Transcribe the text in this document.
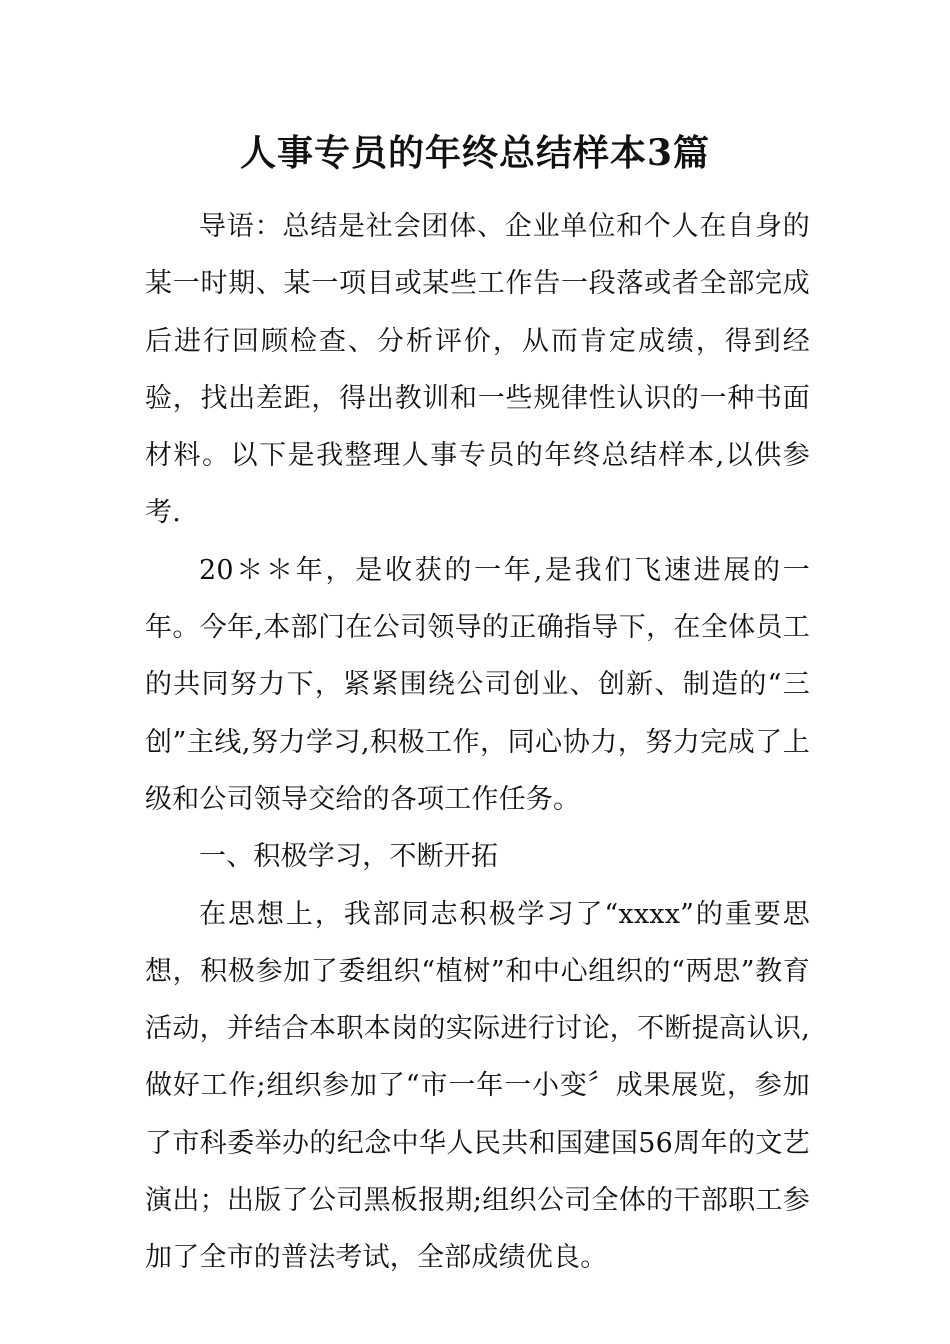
人事专员的年终总结样本3篇

导语：总结是社会团体、企业单位和个人在自身的某一时期、某一项目或某些工作告一段落或者全部完成后进行回顾检查、分析评价，从而肯定成绩，得到经验，找出差距，得出教训和一些规律性认识的一种书面材料。以下是我整理人事专员的年终总结样本,以供参考.

20＊＊年，是收获的一年,是我们飞速进展的一年。今年,本部门在公司领导的正确指导下，在全体员工的共同努力下，紧紧围绕公司创业、创新、制造的“三创”主线,努力学习,积极工作，同心协力，努力完成了上级和公司领导交给的各项工作任务。

一、积极学习，不断开拓

在思想上，我部同志积极学习了“xxxx”的重要思想，积极参加了委组织“植树”和中心组织的“两思”教育活动，并结合本职本岗的实际进行讨论，不断提高认识,做好工作;组织参加了“市一年一小变〞成果展览，参加了市科委举办的纪念中华人民共和国建国56周年的文艺演出；出版了公司黑板报期;组织公司全体的干部职工参加了全市的普法考试，全部成绩优良。
